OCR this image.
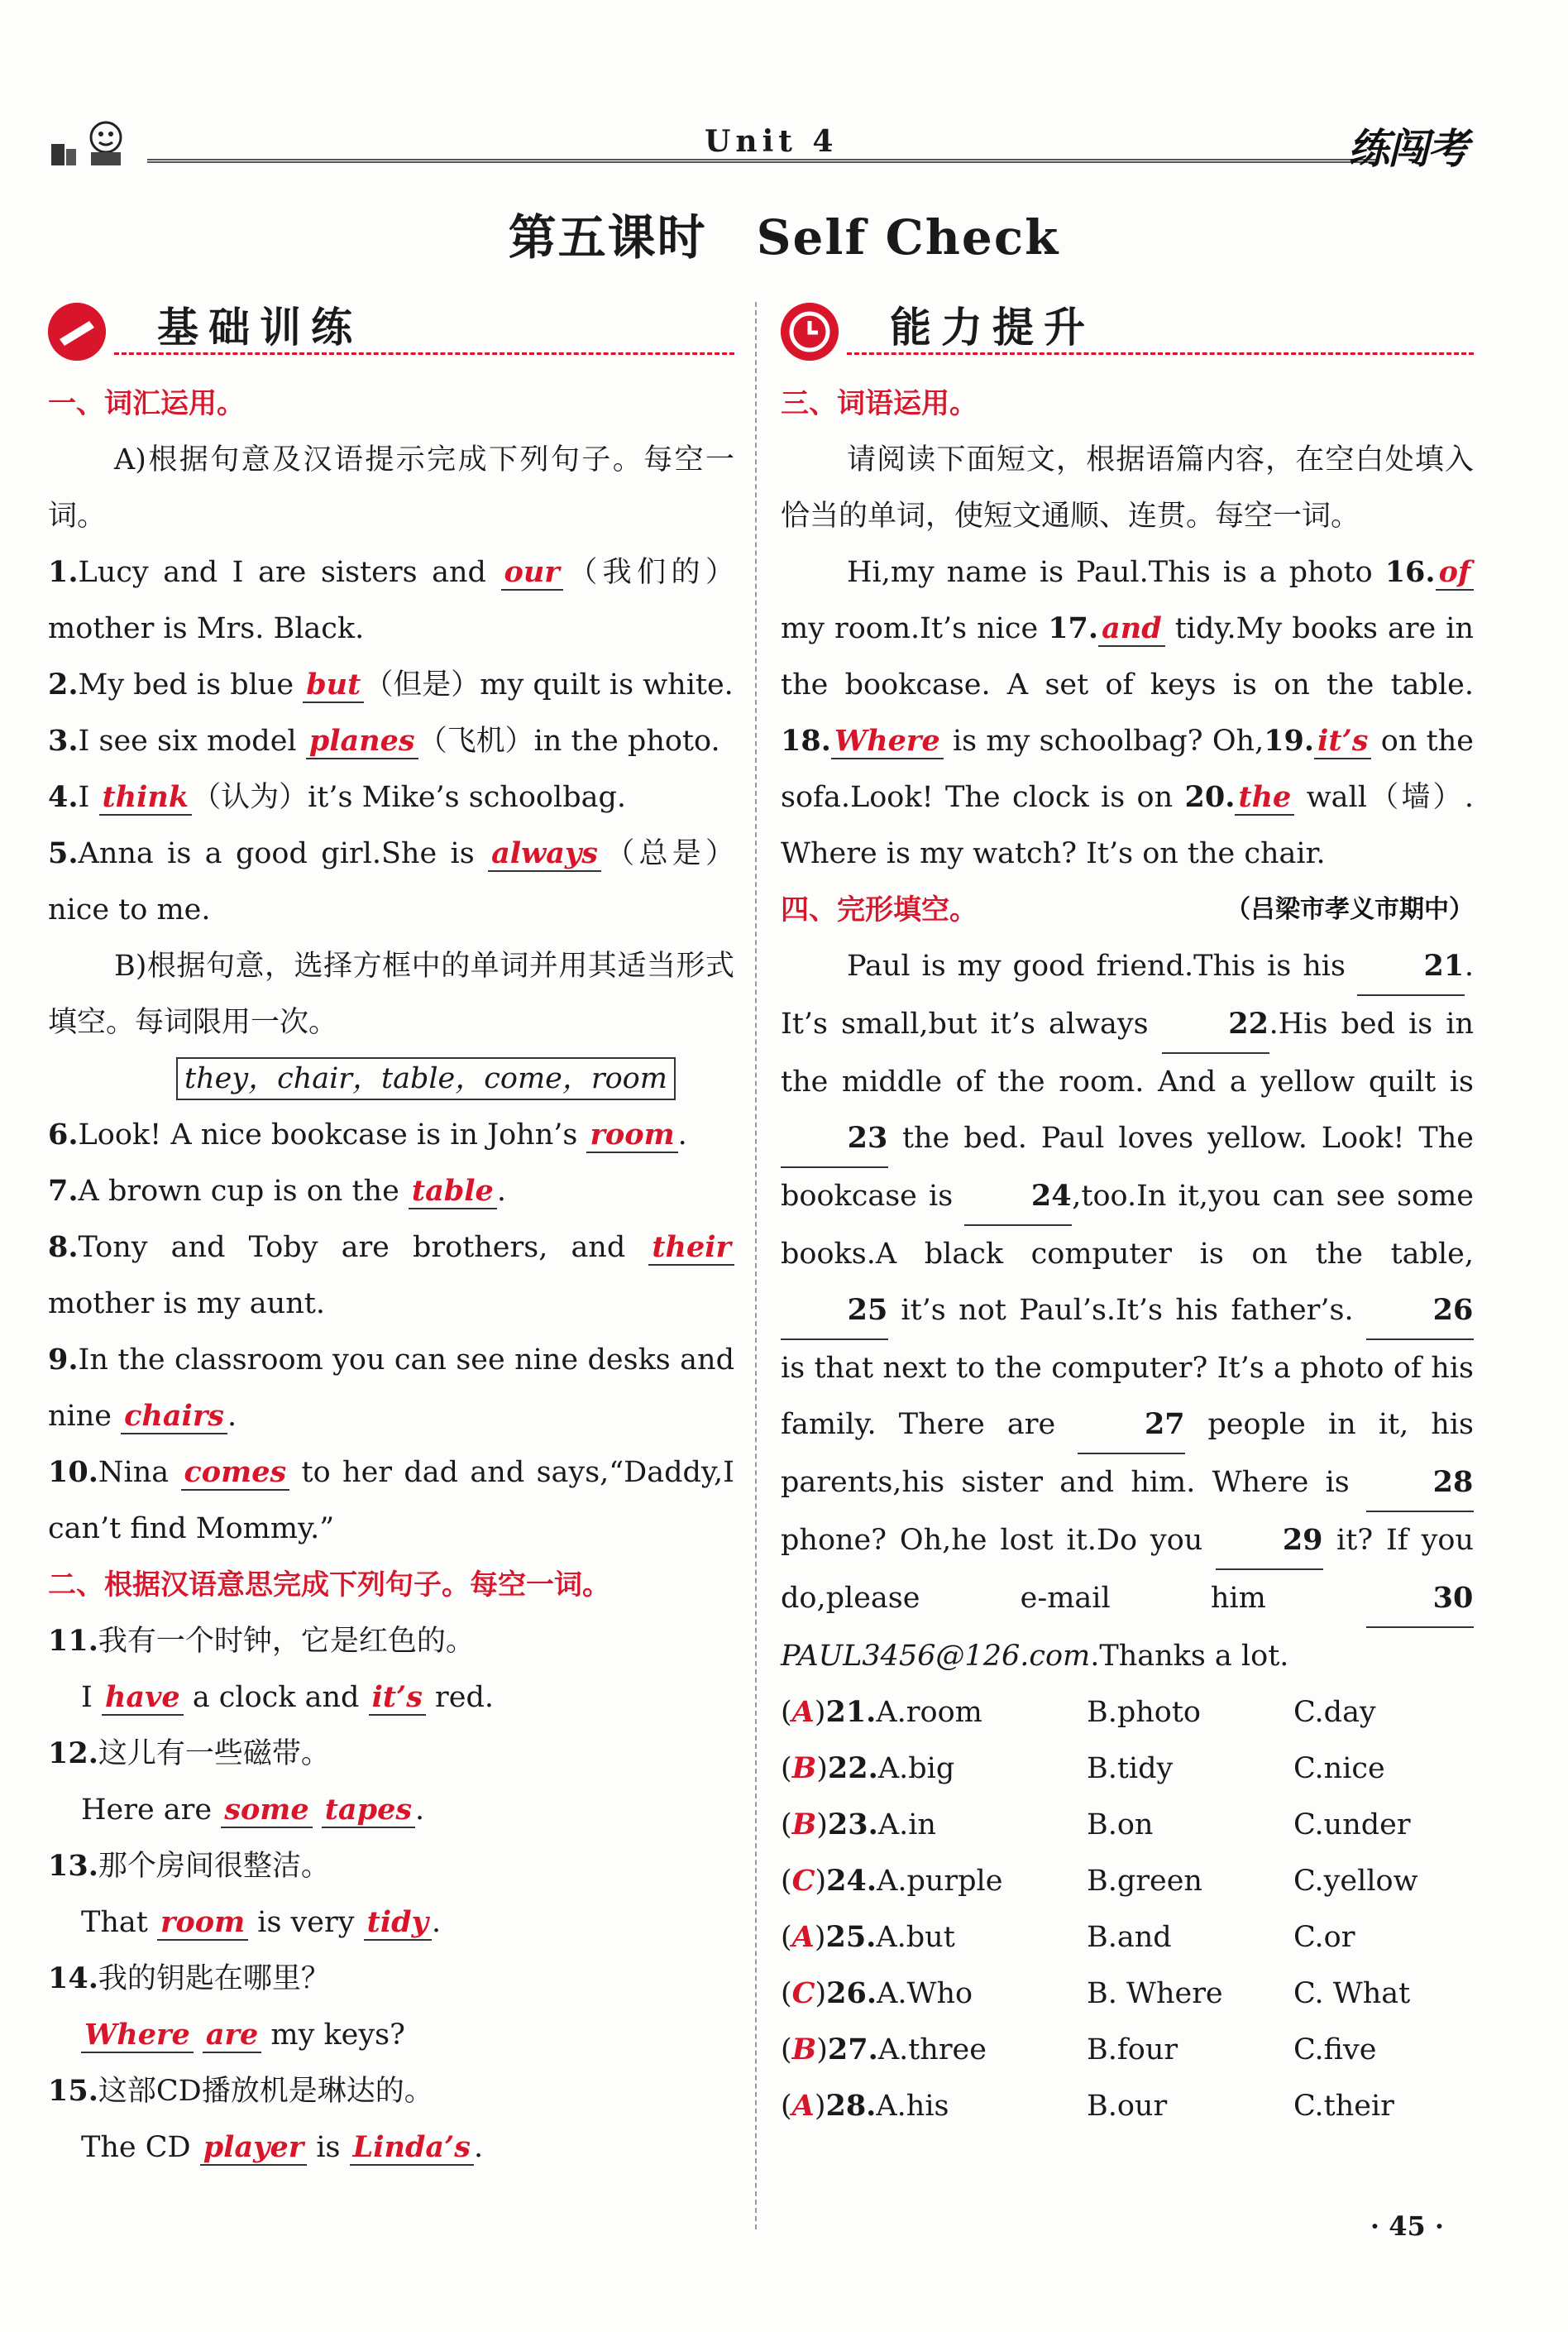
Unit 4	练闯考
第五课时　Self Check
基础训练

一、词汇运用。

A)根据句意及汉语提示完成下列句子。每空一词。

1.Lucy and I are sisters and our （我们的）mother is Mrs. Black.

2.My bed is blue but （但是）my quilt is white.

3.I see six model planes （飞机）in the photo.

4.I think （认为）it’s Mike’s schoolbag.

5.Anna is a good girl.She is always （总是）nice to me.

B)根据句意，选择方框中的单词并用其适当形式填空。每词限用一次。

they，chair，table，come，room

6.Look! A nice bookcase is in John’s room .

7.A brown cup is on the table .

8.Tony and Toby are brothers, and their mother is my aunt.

9.In the classroom you can see nine desks and nine chairs .

10.Nina comes to her dad and says,“Daddy,I can’t find Mommy.”

二、根据汉语意思完成下列句子。每空一词。

11.我有一个时钟，它是红色的。

I have a clock and it’s red.

12.这儿有一些磁带。

Here are some tapes .

13.那个房间很整洁。

That room is very tidy .

14.我的钥匙在哪里？

Where are my keys?

15.这部CD播放机是琳达的。

The CD player is Linda’s .

能力提升

三、词语运用。

请阅读下面短文，根据语篇内容，在空白处填入恰当的单词，使短文通顺、连贯。每空一词。

Hi,my name is Paul.This is a photo 16. of my room.It’s nice 17. and tidy.My books are in the bookcase. A set of keys is on the table. 18. Where is my schoolbag? Oh,19. it’s on the sofa.Look! The clock is on 20. the wall（墙）. Where is my watch? It’s on the chair.

四、完形填空。	（吕梁市孝义市期中）

Paul is my good friend.This is his 21. It’s small,but it’s always 22.His bed is in the middle of the room. And a yellow quilt is 23 the bed. Paul loves yellow. Look! The bookcase is 24,too.In it,you can see some books.A black computer is on the table, 25 it’s not Paul’s.It’s his father’s. 26 is that next to the computer? It’s a photo of his family. There are 27 people in it, his parents,his sister and him. Where is 28 phone? Oh,he lost it.Do you 29 it? If you do,please e-mail him 30 PAUL3456@126.com.Thanks a lot.

(A)21.A.room	B.photo	C.day
(B)22.A.big	B.tidy	C.nice
(B)23.A.in	B.on	C.under
(C)24.A.purple	B.green	C.yellow
(A)25.A.but	B.and	C.or
(C)26.A.Who	B. Where	C. What
(B)27.A.three	B.four	C.five
(A)28.A.his	B.our	C.their
· 45 ·
